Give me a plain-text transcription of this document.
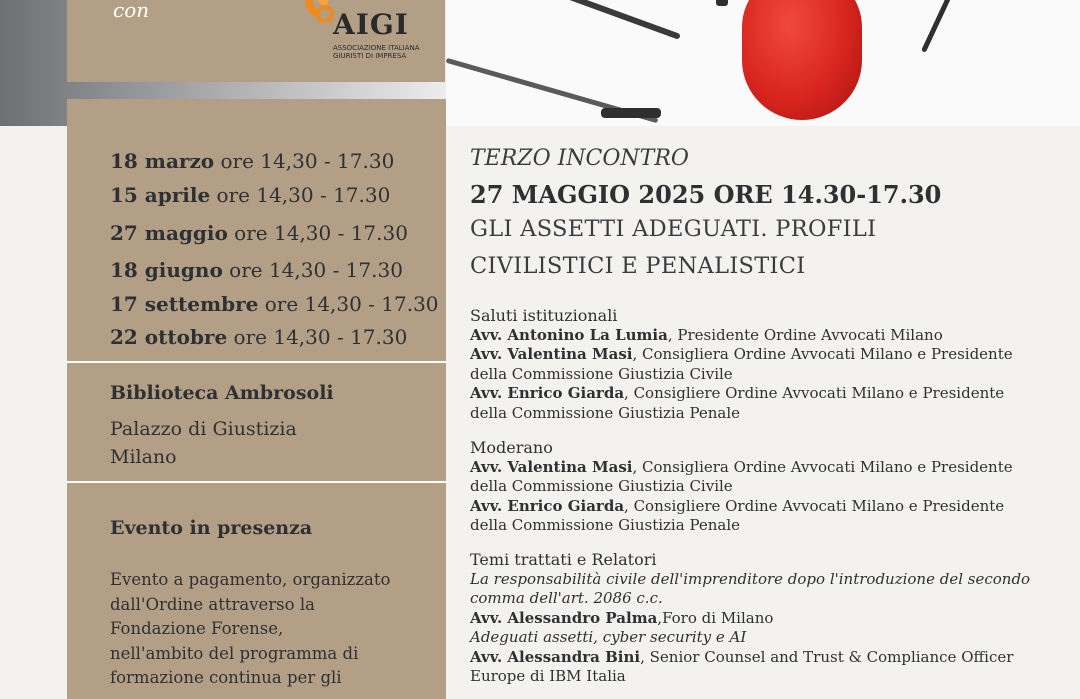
con	AIGI
ASSOCIAZIONE ITALIANA
GIURISTI DI IMPRESA
18 marzo ore 14,30 - 17.30
15 aprile ore 14,30 - 17.30
27 maggio ore 14,30 - 17.30
18 giugno ore 14,30 - 17.30
17 settembre ore 14,30 - 17.30
22 ottobre ore 14,30 - 17.30
Biblioteca Ambrosoli
Palazzo di Giustizia
Milano
Evento in presenza
Evento a pagamento, organizzato
dall'Ordine attraverso la
Fondazione Forense,
nell'ambito del programma di
formazione continua per gli
TERZO INCONTRO
27 MAGGIO 2025 ORE 14.30-17.30
GLI ASSETTI ADEGUATI. PROFILI
CIVILISTICI E PENALISTICI
Saluti istituzionali
Avv. Antonino La Lumia, Presidente Ordine Avvocati Milano
Avv. Valentina Masi, Consigliera Ordine Avvocati Milano e Presidente
della Commissione Giustizia Civile
Avv. Enrico Giarda, Consigliere Ordine Avvocati Milano e Presidente
della Commissione Giustizia Penale
Moderano
Avv. Valentina Masi, Consigliera Ordine Avvocati Milano e Presidente
della Commissione Giustizia Civile
Avv. Enrico Giarda, Consigliere Ordine Avvocati Milano e Presidente
della Commissione Giustizia Penale
Temi trattati e Relatori
La responsabilità civile dell'imprenditore dopo l'introduzione del secondo
comma dell'art. 2086 c.c.
Avv. Alessandro Palma,Foro di Milano
Adeguati assetti, cyber security e AI
Avv. Alessandra Bini, Senior Counsel and Trust & Compliance Officer
Europe di IBM Italia
